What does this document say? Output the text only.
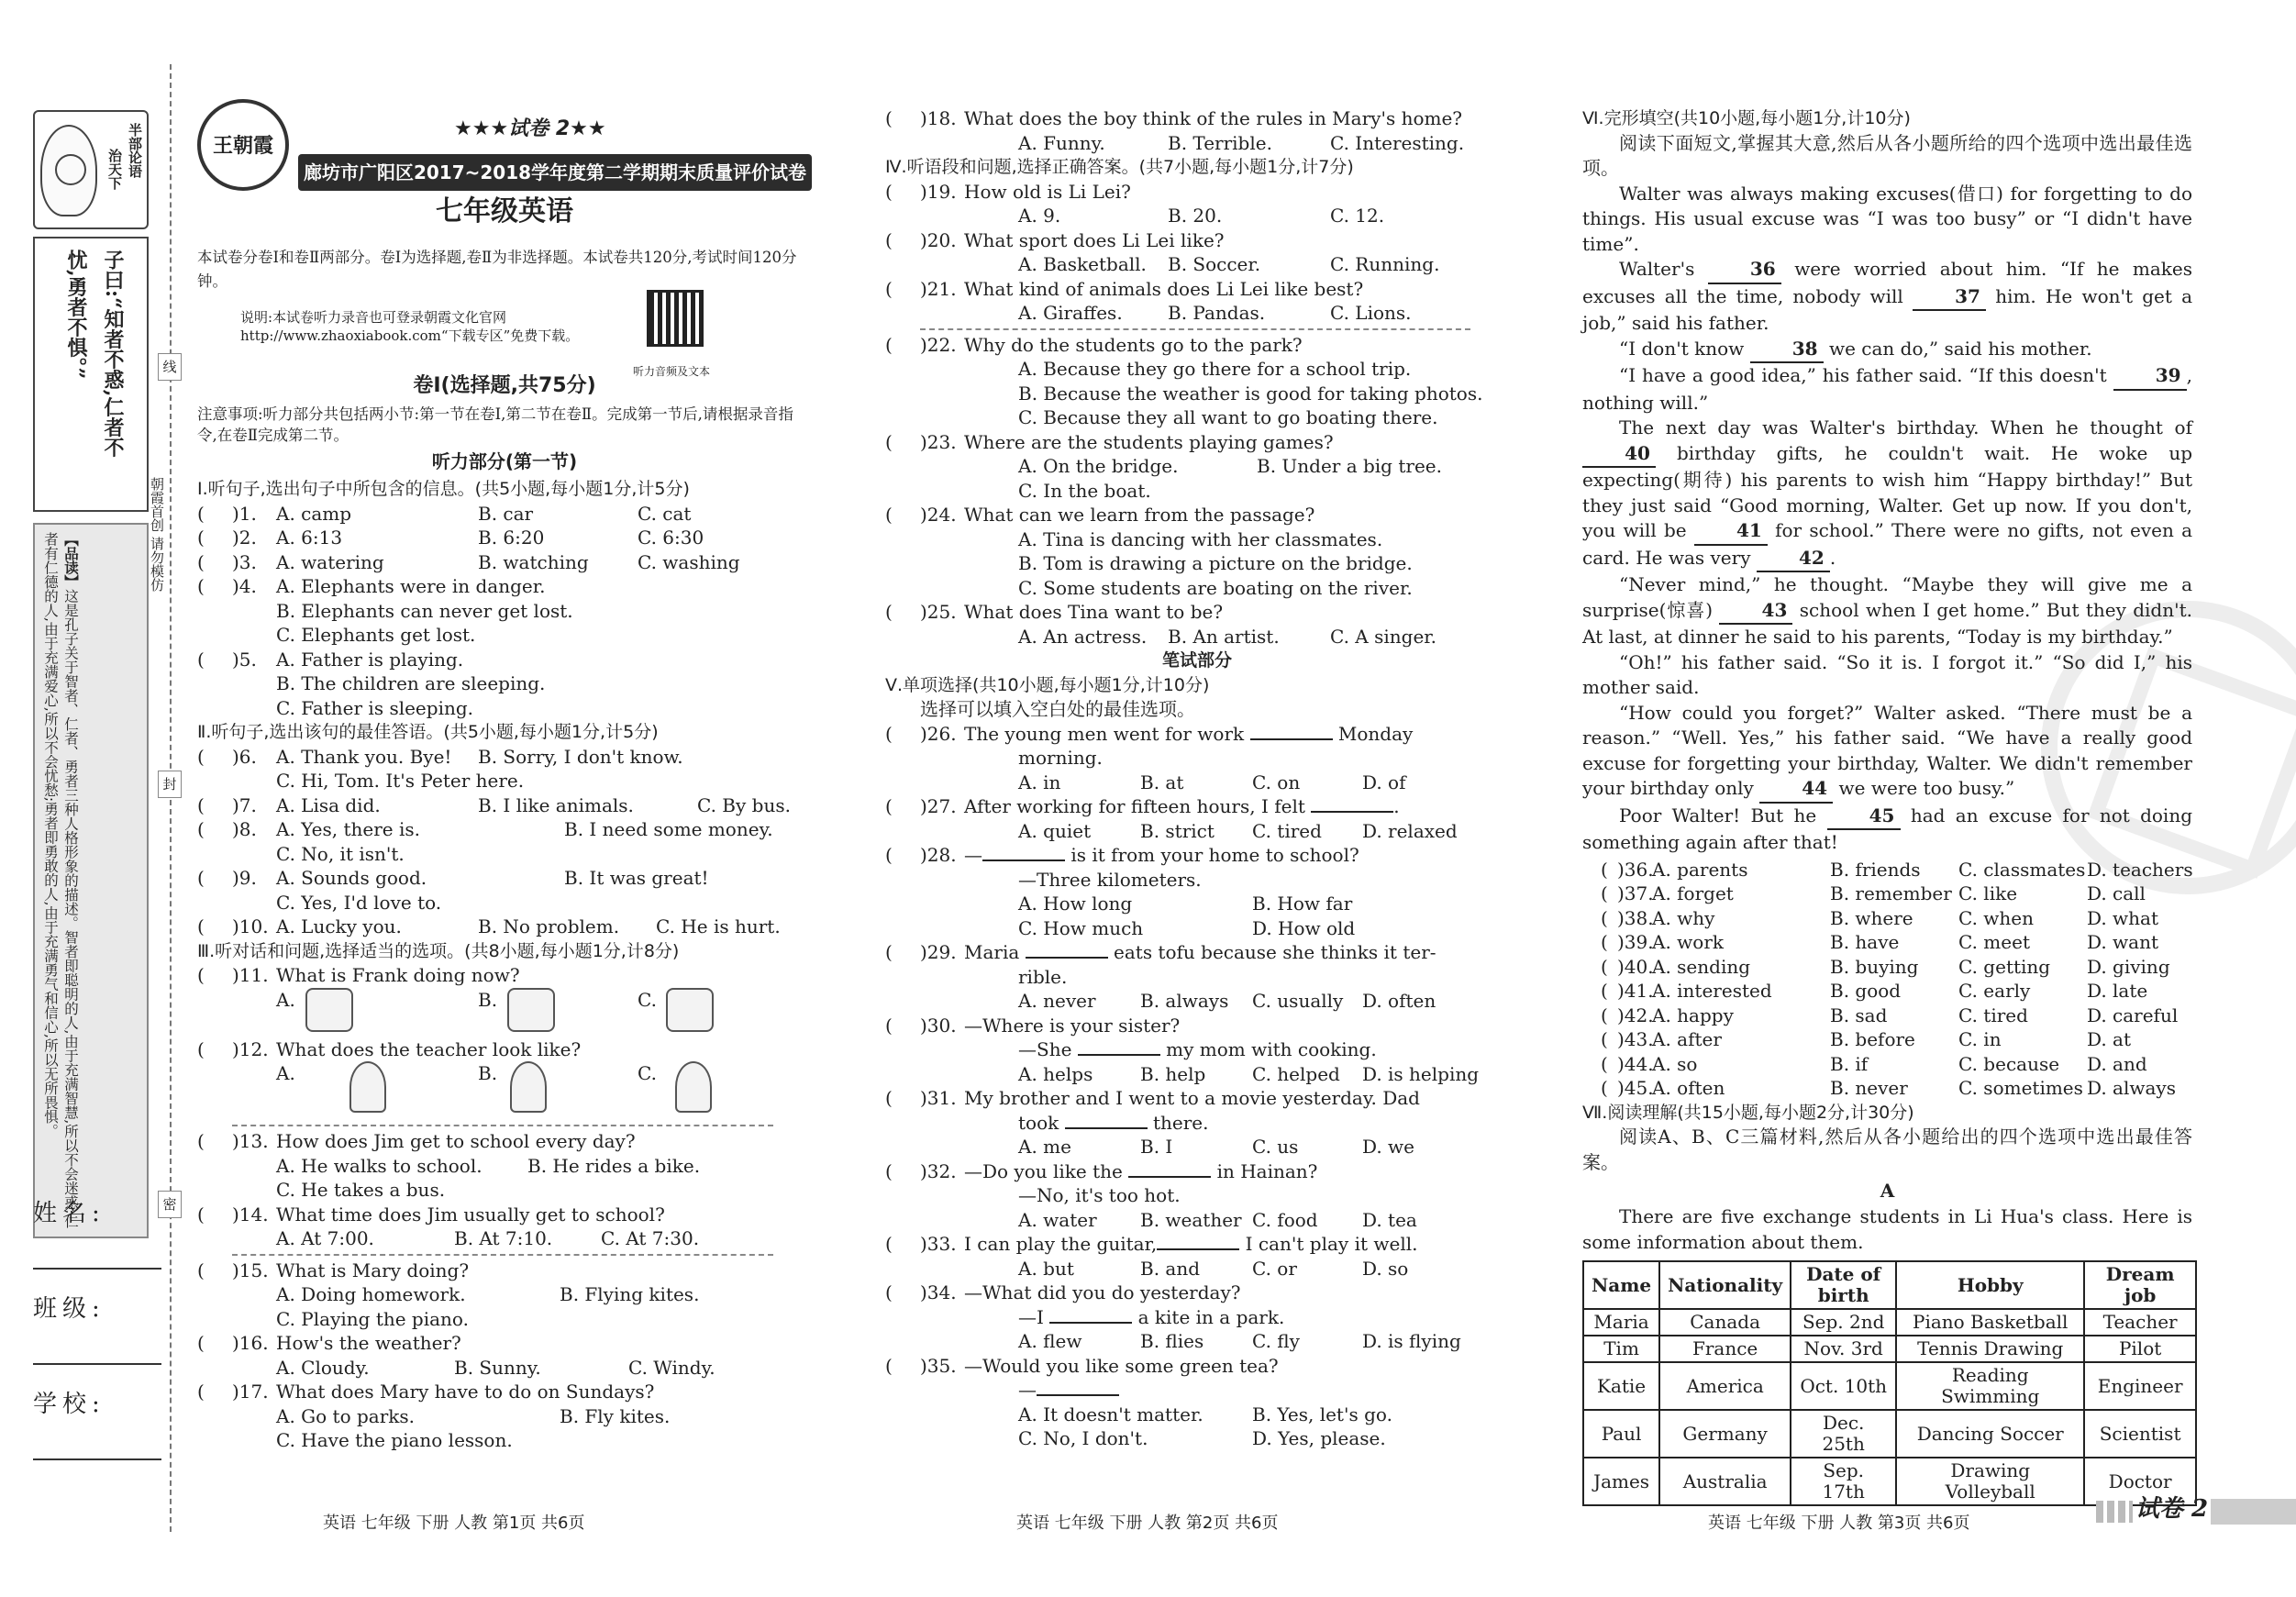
半部论语
治天下
子曰:“知者不惑,仁者不
忧,勇者不惧。”
【品读】这是孔子关于智者、仁者、勇者三种人格形象的描述。智者即聪明的人,由于充满智慧,所以不会迷惑;仁者有仁德的人,由于充满爱心,所以不会忧愁;勇者即勇敢的人,由于充满勇气和信心,所以无所畏惧。
姓名:
班级:
学校:
线
封
密
朝霞首创 请勿模仿
王朝霞
★★★试卷 2★★
廊坊市广阳区2017~2018学年度第二学期期末质量评价试卷
七年级英语
本试卷分卷Ⅰ和卷Ⅱ两部分。卷Ⅰ为选择题,卷Ⅱ为非选择题。本试卷共120分,考试时间120分钟。
说明:本试卷听力录音也可登录朝霞文化官网http://www.zhaoxiabook.com“下载专区”免费下载。
听力音频及文本
卷Ⅰ(选择题,共75分)
注意事项:听力部分共包括两小节:第一节在卷Ⅰ,第二节在卷Ⅱ。完成第一节后,请根据录音指令,在卷Ⅱ完成第二节。
听力部分(第一节)
Ⅰ.听句子,选出句子中所包含的信息。(共5小题,每小题1分,计5分)
( )1. A. camp	B. car	C. cat
( )2. A. 6:13	B. 6:20	C. 6:30
( )3. A. watering	B. watching	C. washing
( )4. A. Elephants were in danger.
B. Elephants can never get lost.
C. Elephants get lost.
( )5. A. Father is playing.
B. The children are sleeping.
C. Father is sleeping.
Ⅱ.听句子,选出该句的最佳答语。(共5小题,每小题1分,计5分)
( )6. A. Thank you. Bye! B. Sorry, I don't know.
C. Hi, Tom. It's Peter here.
( )7. A. Lisa did.	B. I like animals.	C. By bus.
( )8. A. Yes, there is.	B. I need some money.
C. No, it isn't.
( )9. A. Sounds good.	B. It was great!
C. Yes, I'd love to.
( )10. A. Lucky you.	B. No problem. C. He is hurt.
Ⅲ.听对话和问题,选择适当的选项。(共8小题,每小题1分,计8分)
( )11. What is Frank doing now?
A.	B.	C.
( )12. What does the teacher look like?
A.	B.	C.
( )13. How does Jim get to school every day?
A. He walks to school. B. He rides a bike.
C. He takes a bus.
( )14. What time does Jim usually get to school?
A. At 7:00.	B. At 7:10.	C. At 7:30.
( )15. What is Mary doing?
A. Doing homework.	B. Flying kites.
C. Playing the piano.
( )16. How's the weather?
A. Cloudy.	B. Sunny.	C. Windy.
( )17. What does Mary have to do on Sundays?
A. Go to parks.	B. Fly kites.
C. Have the piano lesson.
( )18. What does the boy think of the rules in Mary's home?
A. Funny.	B. Terrible.	C. Interesting.
Ⅳ.听语段和问题,选择正确答案。(共7小题,每小题1分,计7分)
( )19. How old is Li Lei?
A. 9.	B. 20.	C. 12.
( )20. What sport does Li Lei like?
A. Basketball. B. Soccer.	C. Running.
( )21. What kind of animals does Li Lei like best?
A. Giraffes. B. Pandas.	C. Lions.
( )22. Why do the students go to the park?
A. Because they go there for a school trip.
B. Because the weather is good for taking photos.
C. Because they all want to go boating there.
( )23. Where are the students playing games?
A. On the bridge.	B. Under a big tree.
C. In the boat.
( )24. What can we learn from the passage?
A. Tina is dancing with her classmates.
B. Tom is drawing a picture on the bridge.
C. Some students are boating on the river.
( )25. What does Tina want to be?
A. An actress. B. An artist.	C. A singer.
笔试部分
Ⅴ.单项选择(共10小题,每小题1分,计10分)
选择可以填入空白处的最佳选项。
( )26. The young men went for work	Monday
morning.
A. in	B. at	C. on	D. of
( )27. After working for fifteen hours, I felt	.
A. quiet	B. strict C. tired D. relaxed
( )28. —	is it from your home to school?
—Three kilometers.
A. How long	B. How far
C. How much	D. How old
( )29. Maria	eats tofu because she thinks it ter-
rible.
A. never B. always C. usually D. often
( )30. —Where is your sister?
—She	my mom with cooking.
A. helps	B. help	C. helped D. is helping
( )31. My brother and I went to a movie yesterday. Dad
took	there.
A. me	B. I	C. us	D. we
( )32. —Do you like the	in Hainan?
—No, it's too hot.
A. water B. weather C. food D. tea
( )33. I can play the guitar,	I can't play it well.
A. but	B. and	C. or	D. so
( )34. —What did you do yesterday?
—I	a kite in a park.
A. flew	B. flies	C. fly	D. is flying
( )35. —Would you like some green tea?
—
A. It doesn't matter.	B. Yes, let's go.
C. No, I don't.	D. Yes, please.
Ⅵ.完形填空(共10小题,每小题1分,计10分)

阅读下面短文,掌握其大意,然后从各小题所给的四个选项中选出最佳选项。

Walter was always making excuses(借口) for forgetting to do things. His usual excuse was “I was too busy” or “I didn't have time”.

Walter's	36 were worried about him. “If he makes excuses all the time, nobody will	37 him. He won't get a job,” said his father.

“I don't know	38 we can do,” said his mother.

“I have a good idea,” his father said. “If this doesn't	39 , nothing will.”

The next day was Walter's birthday. When he thought of 40 birthday gifts, he couldn't wait. He woke up expecting(期待) his parents to wish him “Happy birthday!” But they just said “Good morning, Walter. Get up now. If you don't, you will be	41 for school.” There were no gifts, not even a card. He was very	42 .

“Never mind,” he thought. “Maybe they will give me a surprise(惊喜)	43 school when I get home.” But they didn't. At last, at dinner he said to his parents, “Today is my birthday.”

“Oh!” his father said. “So it is. I forgot it.” “So did I,” his mother said.

“How could you forget?” Walter asked. “There must be a reason.” “Well. Yes,” his father said. “We have a really good excuse for forgetting your birthday, Walter. We didn't remember your birthday only	44 we were too busy.”

Poor Walter! But he	45 had an excuse for not doing something again after that!

( )36.
A. parents	B. friends C. classmates D. teachers
( )37.
A. forget	B. remember C. like	D. call
( )38.
A. why	B. where C. when	D. what
( )39.
A. work	B. have	C. meet	D. want
( )40.
A. sending	B. buying C. getting D. giving
( )41.
A. interested	B. good	C. early	D. late
( )42.
A. happy	B. sad	C. tired	D. careful
( )43.
A. after	B. before C. in	D. at
( )44.
A. so	B. if	C. because D. and
( )45.
A. often	B. never	C. sometimes D. always
Ⅶ.阅读理解(共15小题,每小题2分,计30分)

阅读A、B、C三篇材料,然后从各小题给出的四个选项中选出最佳答案。

A

There are five exchange students in Li Hua's class. Here is some information about them.

Name	Nationality	Date of birth	Hobby	Dream job
Maria	Canada	Sep. 2nd	Piano Basketball	Teacher
Tim	France	Nov. 3rd	Tennis Drawing	Pilot
Katie	America	Oct. 10th	Reading Swimming	Engineer
Paul	Germany	Dec. 25th	Dancing Soccer	Scientist
James	Australia	Sep. 17th	Drawing Volleyball	Doctor
英语 七年级 下册 人教 第1页 共6页	英语 七年级 下册 人教 第2页 共6页	英语 七年级 下册 人教 第3页 共6页
试卷 2
